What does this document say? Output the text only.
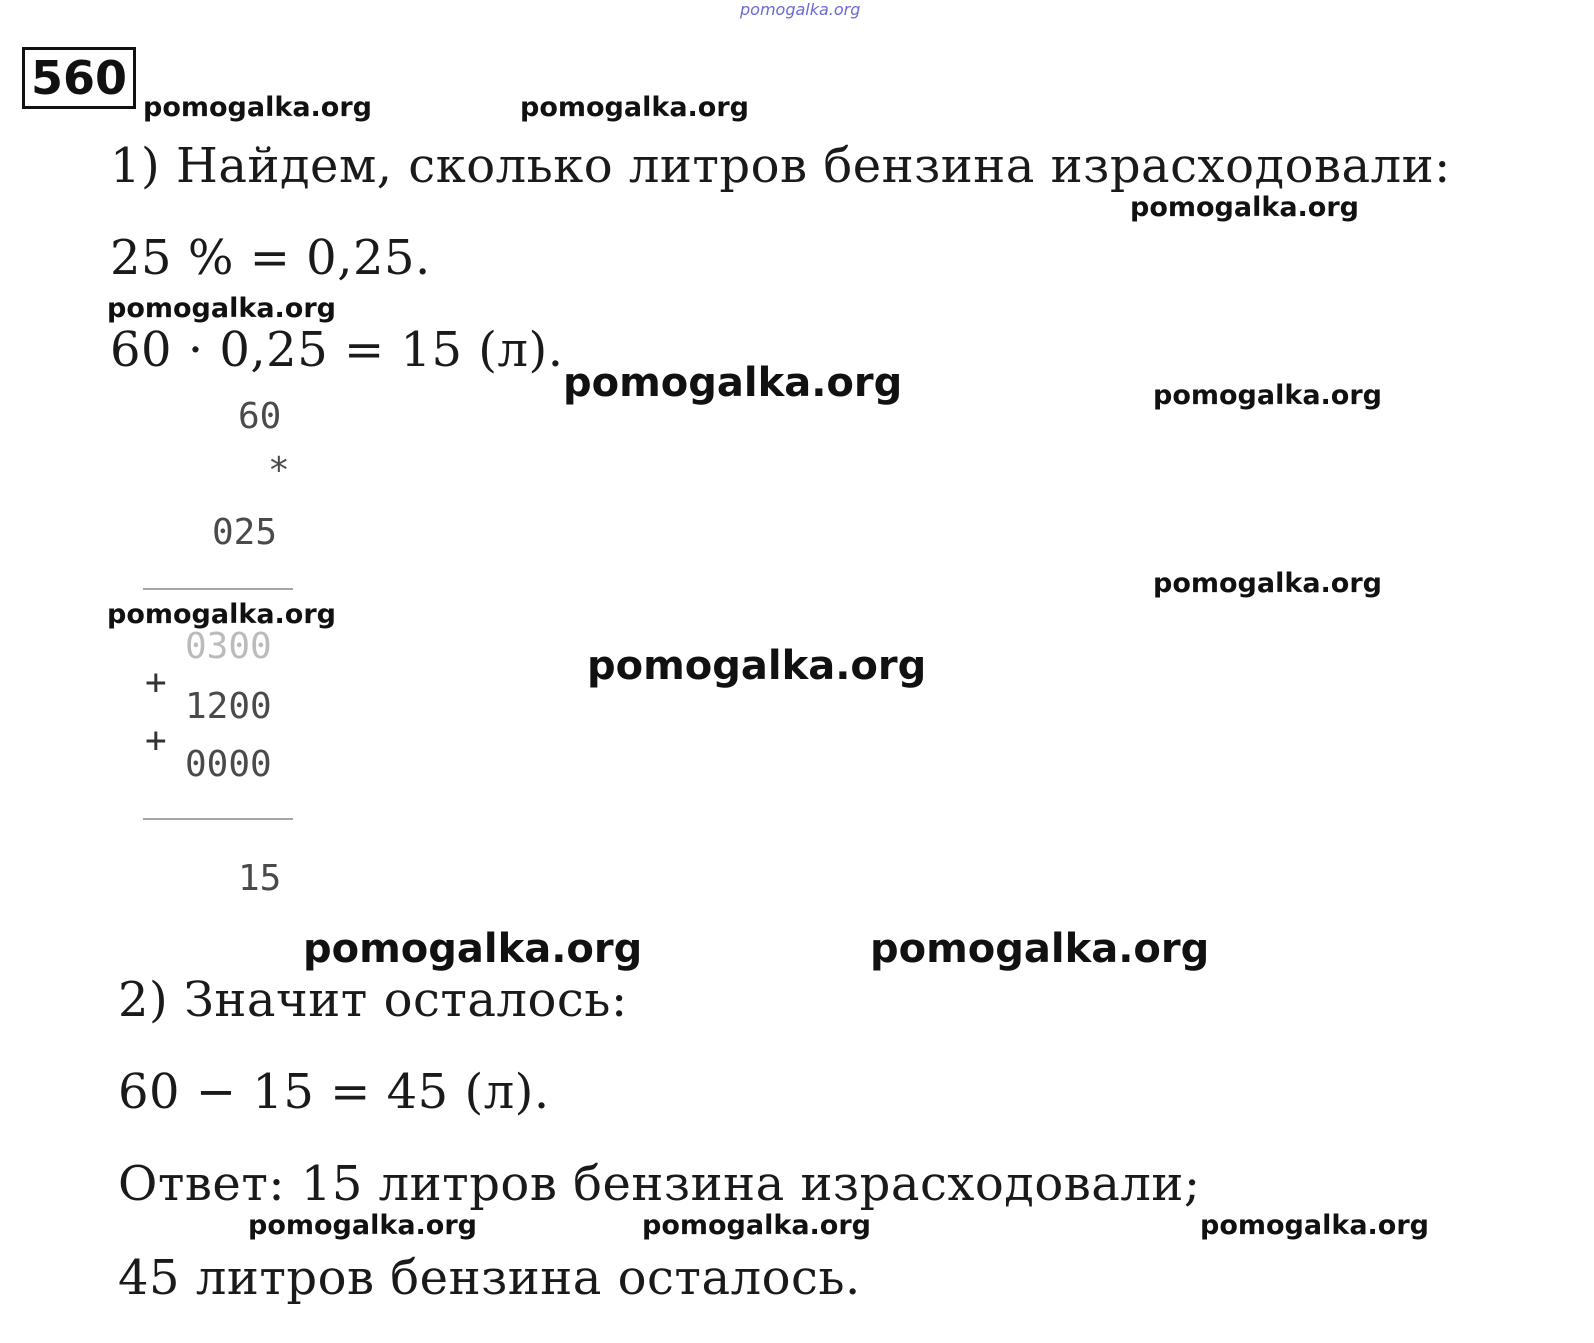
pomogalka.org
560
pomogalka.org	pomogalka.org
1) Найдем, сколько литров бензина израсходовали:
pomogalka.org
25 % = 0,25.
pomogalka.org
60 · 0,25 = 15 (л).
pomogalka.org	pomogalka.org
60
*
025
pomogalka.org
0300
pomogalka.org
pomogalka.org
+
1200
+
0000
15
pomogalka.org	pomogalka.org
2) Значит осталось:
60 − 15 = 45 (л).
Ответ: 15 литров бензина израсходовали;
pomogalka.org	pomogalka.org	pomogalka.org
45 литров бензина осталось.
